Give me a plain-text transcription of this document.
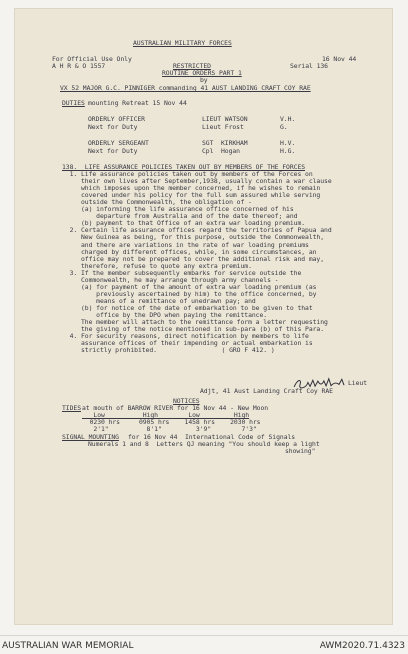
AUSTRALIAN MILITARY FORCES
For Official Use Only	16 Nov 44
A H R & O 1557	RESTRICTED	Serial 136
ROUTINE ORDERS PART 1
by
VX 52 MAJOR G.C. PINNIGER commanding 41 AUST LANDING CRAFT COY RAE
DUTIES mounting Retreat 15 Nov 44
ORDERLY OFFICER	LIEUT WATSON	V.H.
Next for Duty	Lieut Frost	G.
ORDERLY SERGEANT	SGT  KIRKHAM	H.V.
Next for Duty	Cpl  Hogan	H.G.
138.  LIFE ASSURANCE POLICIES TAKEN OUT BY MEMBERS OF THE FORCES
1. Life assurance policies taken out by members of the Forces on
their own lives after September,1938, usually contain a war clause
which imposes upon the member concerned, if he wishes to remain
covered under his policy for the full sum assured while serving
outside the Commonwealth, the obligation of -
(a) informing the life assurance office concerned of his
departure from Australia and of the date thereof; and
(b) payment to that Office of an extra war loading premium.
2. Certain life assurance offices regard the territories of Papua and
New Guinea as being, for this purpose, outside the Commonwealth,
and there are variations in the rate of war loading premiums
charged by different offices, while, in some circumstances, an
office may not be prepared to cover the additional risk and may,
therefore, refuse to quote any extra premium.
3. If the member subsequently embarks for service outside the
Commonwealth, he may arrange through army channels -
(a) for payment of the amount of extra war loading premium (as
previously ascertained by him) to the office concerned, by
means of a remittance of unedrawn pay; and
(b) for notice of the date of embarkation to be given to that
office by the DPO when paying the remittance.
The member will attach to the remittance form a letter requesting
the giving of the notice mentioned in sub-para (b) of this Para.
4. For security reasons, direct notification by members to life
assurance offices of their impending or actual embarkation is
strictly prohibited.                 ( GRO F 412. )
Lieut
Adjt, 41 Aust Landing Craft Coy RAE
NOTICES
TIDES at mouth of BARROW RIVER for 16 Nov 44 - New Moon
Low          High        Low         High
0230 hrs     0905 hrs    1458 hrs    2030 hrs
2'1"          8'1"         3'9"        7'3"
SIGNAL MOUNTING for 16 Nov 44  International Code of Signals
Numerals 1 and 8  Letters QJ meaning "You should keep a light
showing"
AUSTRALIAN WAR MEMORIAL	AWM2020.71.4323
